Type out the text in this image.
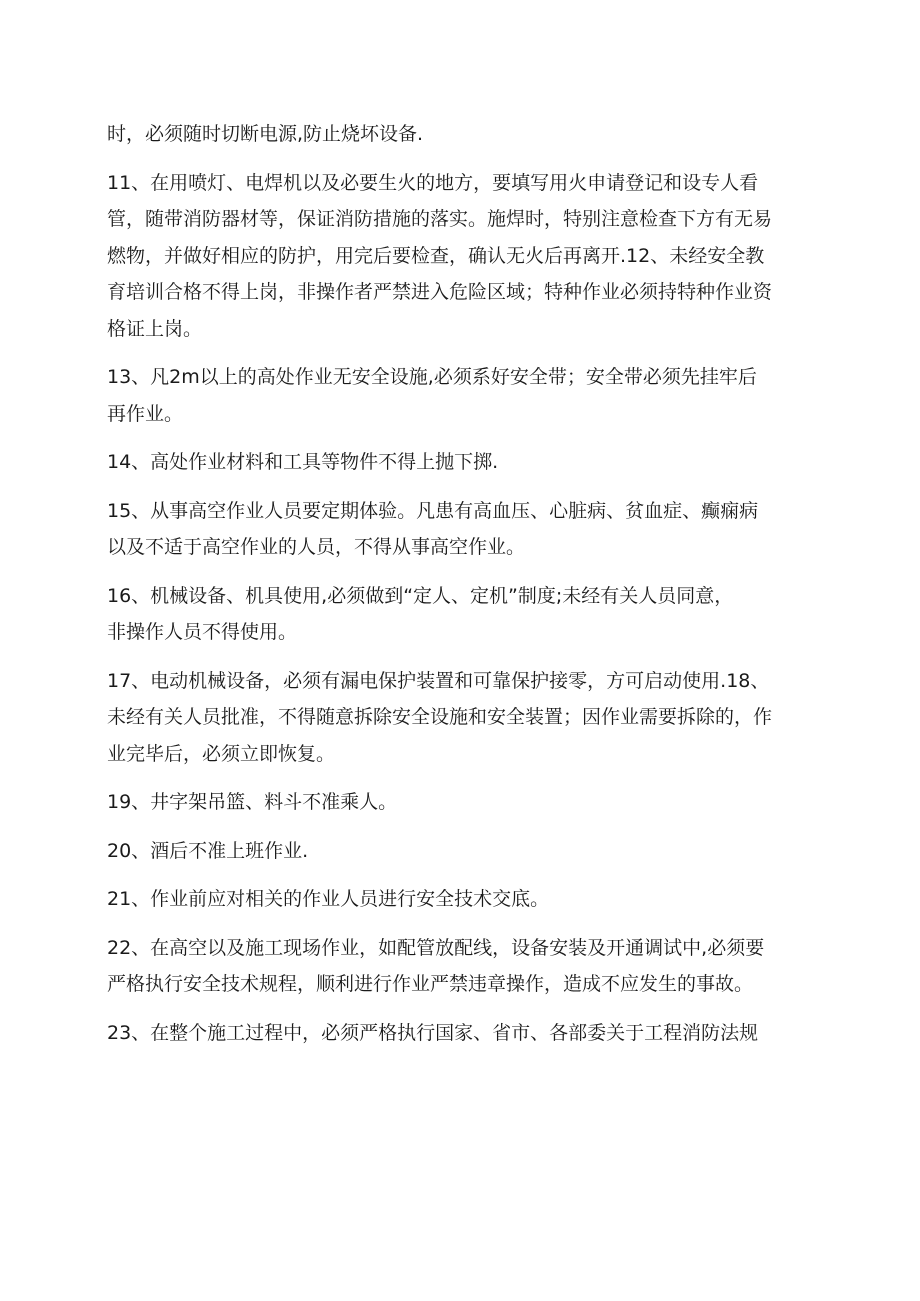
时，必须随时切断电源,防止烧坏设备.
11、在用喷灯、电焊机以及必要生火的地方，要填写用火申请登记和设专人看
管，随带消防器材等，保证消防措施的落实。施焊时，特别注意检查下方有无易
燃物，并做好相应的防护，用完后要检查，确认无火后再离开.12、未经安全教
育培训合格不得上岗，非操作者严禁进入危险区域；特种作业必须持特种作业资
格证上岗。
13、凡2m以上的高处作业无安全设施,必须系好安全带；安全带必须先挂牢后
再作业。
14、高处作业材料和工具等物件不得上抛下掷.
15、从事高空作业人员要定期体验。凡患有高血压、心脏病、贫血症、癫痫病
以及不适于高空作业的人员，不得从事高空作业。
16、机械设备、机具使用,必须做到“定人、定机”制度;未经有关人员同意，
非操作人员不得使用。
17、电动机械设备，必须有漏电保护装置和可靠保护接零，方可启动使用.18、
未经有关人员批准，不得随意拆除安全设施和安全装置；因作业需要拆除的，作
业完毕后，必须立即恢复。
19、井字架吊篮、料斗不准乘人。
20、酒后不准上班作业.
21、作业前应对相关的作业人员进行安全技术交底。
22、在高空以及施工现场作业，如配管放配线，设备安装及开通调试中,必须要
严格执行安全技术规程，顺利进行作业严禁违章操作，造成不应发生的事故。
23、在整个施工过程中，必须严格执行国家、省市、各部委关于工程消防法规
